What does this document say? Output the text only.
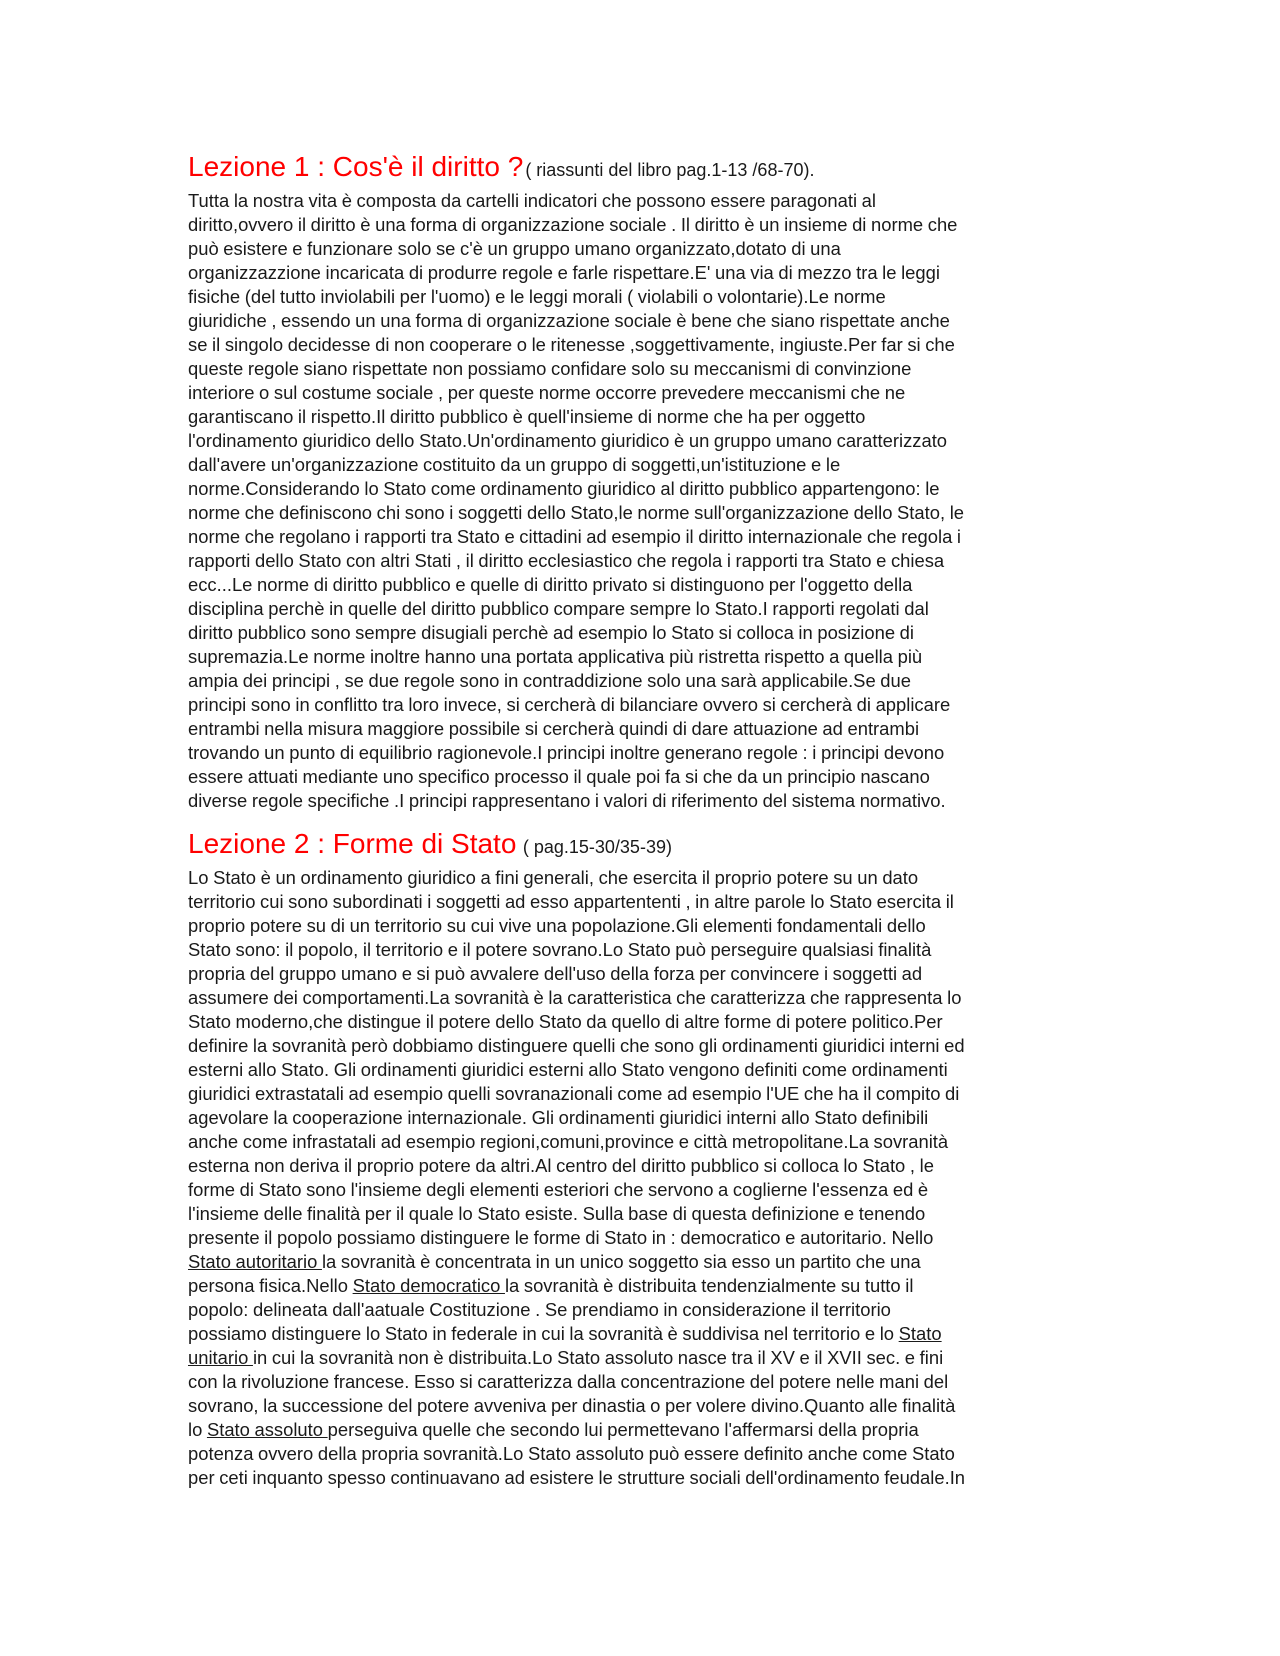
Lezione 1 : Cos'è il diritto ? ( riassunti del libro pag.1-13 /68-70).

Tutta la nostra vita è composta da cartelli indicatori che possono essere paragonati al
diritto,ovvero il diritto è una forma di organizzazione sociale . Il diritto è un insieme di norme che
può esistere e funzionare solo se c'è un gruppo umano organizzato,dotato di una
organizzazzione incaricata di produrre regole e farle rispettare.E' una via di mezzo tra le leggi
fisiche (del tutto inviolabili per l'uomo) e le leggi morali ( violabili o volontarie).Le norme
giuridiche , essendo un una forma di organizzazione sociale è bene che siano rispettate anche
se il singolo decidesse di non cooperare o le ritenesse ,soggettivamente, ingiuste.Per far si che
queste regole siano rispettate non possiamo confidare solo su meccanismi di convinzione
interiore o sul costume sociale , per queste norme occorre prevedere meccanismi che ne
garantiscano il rispetto.Il diritto pubblico è quell'insieme di norme che ha per oggetto
l'ordinamento giuridico dello Stato.Un'ordinamento giuridico è un gruppo umano caratterizzato
dall'avere un'organizzazione costituito da un gruppo di soggetti,un'istituzione e le
norme.Considerando lo Stato come ordinamento giuridico al diritto pubblico appartengono: le
norme che definiscono chi sono i soggetti dello Stato,le norme sull'organizzazione dello Stato, le
norme che regolano i rapporti tra Stato e cittadini ad esempio il diritto internazionale che regola i
rapporti dello Stato con altri Stati , il diritto ecclesiastico che regola i rapporti tra Stato e chiesa
ecc...Le norme di diritto pubblico e quelle di diritto privato si distinguono per l'oggetto della
disciplina perchè in quelle del diritto pubblico compare sempre lo Stato.I rapporti regolati dal
diritto pubblico sono sempre disugiali perchè ad esempio lo Stato si colloca in posizione di
supremazia.Le norme inoltre hanno una portata applicativa più ristretta rispetto a quella più
ampia dei principi , se due regole sono in contraddizione solo una sarà applicabile.Se due
principi sono in conflitto tra loro invece, si cercherà di bilanciare ovvero si cercherà di applicare
entrambi nella misura maggiore possibile si cercherà quindi di dare attuazione ad entrambi
trovando un punto di equilibrio ragionevole.I principi inoltre generano regole : i principi devono
essere attuati mediante uno specifico processo il quale poi fa si che da un principio nascano
diverse regole specifiche .I principi rappresentano i valori di riferimento del sistema normativo.

Lezione 2 : Forme di Stato ( pag.15-30/35-39)

Lo Stato è un ordinamento giuridico a fini generali, che esercita il proprio potere su un dato
territorio cui sono subordinati i soggetti ad esso appartententi , in altre parole lo Stato esercita il
proprio potere su di un territorio su cui vive una popolazione.Gli elementi fondamentali dello
Stato sono: il popolo, il territorio e il potere sovrano.Lo Stato può perseguire qualsiasi finalità
propria del gruppo umano e si può avvalere dell'uso della forza per convincere i soggetti ad
assumere dei comportamenti.La sovranità è la caratteristica che caratterizza che rappresenta lo
Stato moderno,che distingue il potere dello Stato da quello di altre forme di potere politico.Per
definire la sovranità però dobbiamo distinguere quelli che sono gli ordinamenti giuridici interni ed
esterni allo Stato. Gli ordinamenti giuridici esterni allo Stato vengono definiti come ordinamenti
giuridici extrastatali ad esempio quelli sovranazionali come ad esempio l'UE che ha il compito di
agevolare la cooperazione internazionale. Gli ordinamenti giuridici interni allo Stato definibili
anche come infrastatali ad esempio regioni,comuni,province e città metropolitane.La sovranità
esterna non deriva il proprio potere da altri.Al centro del diritto pubblico si colloca lo Stato , le
forme di Stato sono l'insieme degli elementi esteriori che servono a coglierne l'essenza ed è
l'insieme delle finalità per il quale lo Stato esiste. Sulla base di questa definizione e tenendo
presente il popolo possiamo distinguere le forme di Stato in : democratico e autoritario. Nello
Stato autoritario la sovranità è concentrata in un unico soggetto sia esso un partito che una
persona fisica.Nello Stato democratico la sovranità è distribuita tendenzialmente su tutto il
popolo: delineata dall'aatuale Costituzione . Se prendiamo in considerazione il territorio
possiamo distinguere lo Stato in federale in cui la sovranità è suddivisa nel territorio e lo Stato
unitario in cui la sovranità non è distribuita.Lo Stato assoluto nasce tra il XV e il XVII sec. e fini
con la rivoluzione francese. Esso si caratterizza dalla concentrazione del potere nelle mani del
sovrano, la successione del potere avveniva per dinastia o per volere divino.Quanto alle finalità
lo Stato assoluto perseguiva quelle che secondo lui permettevano l'affermarsi della propria
potenza ovvero della propria sovranità.Lo Stato assoluto può essere definito anche come Stato
per ceti inquanto spesso continuavano ad esistere le strutture sociali dell'ordinamento feudale.In
